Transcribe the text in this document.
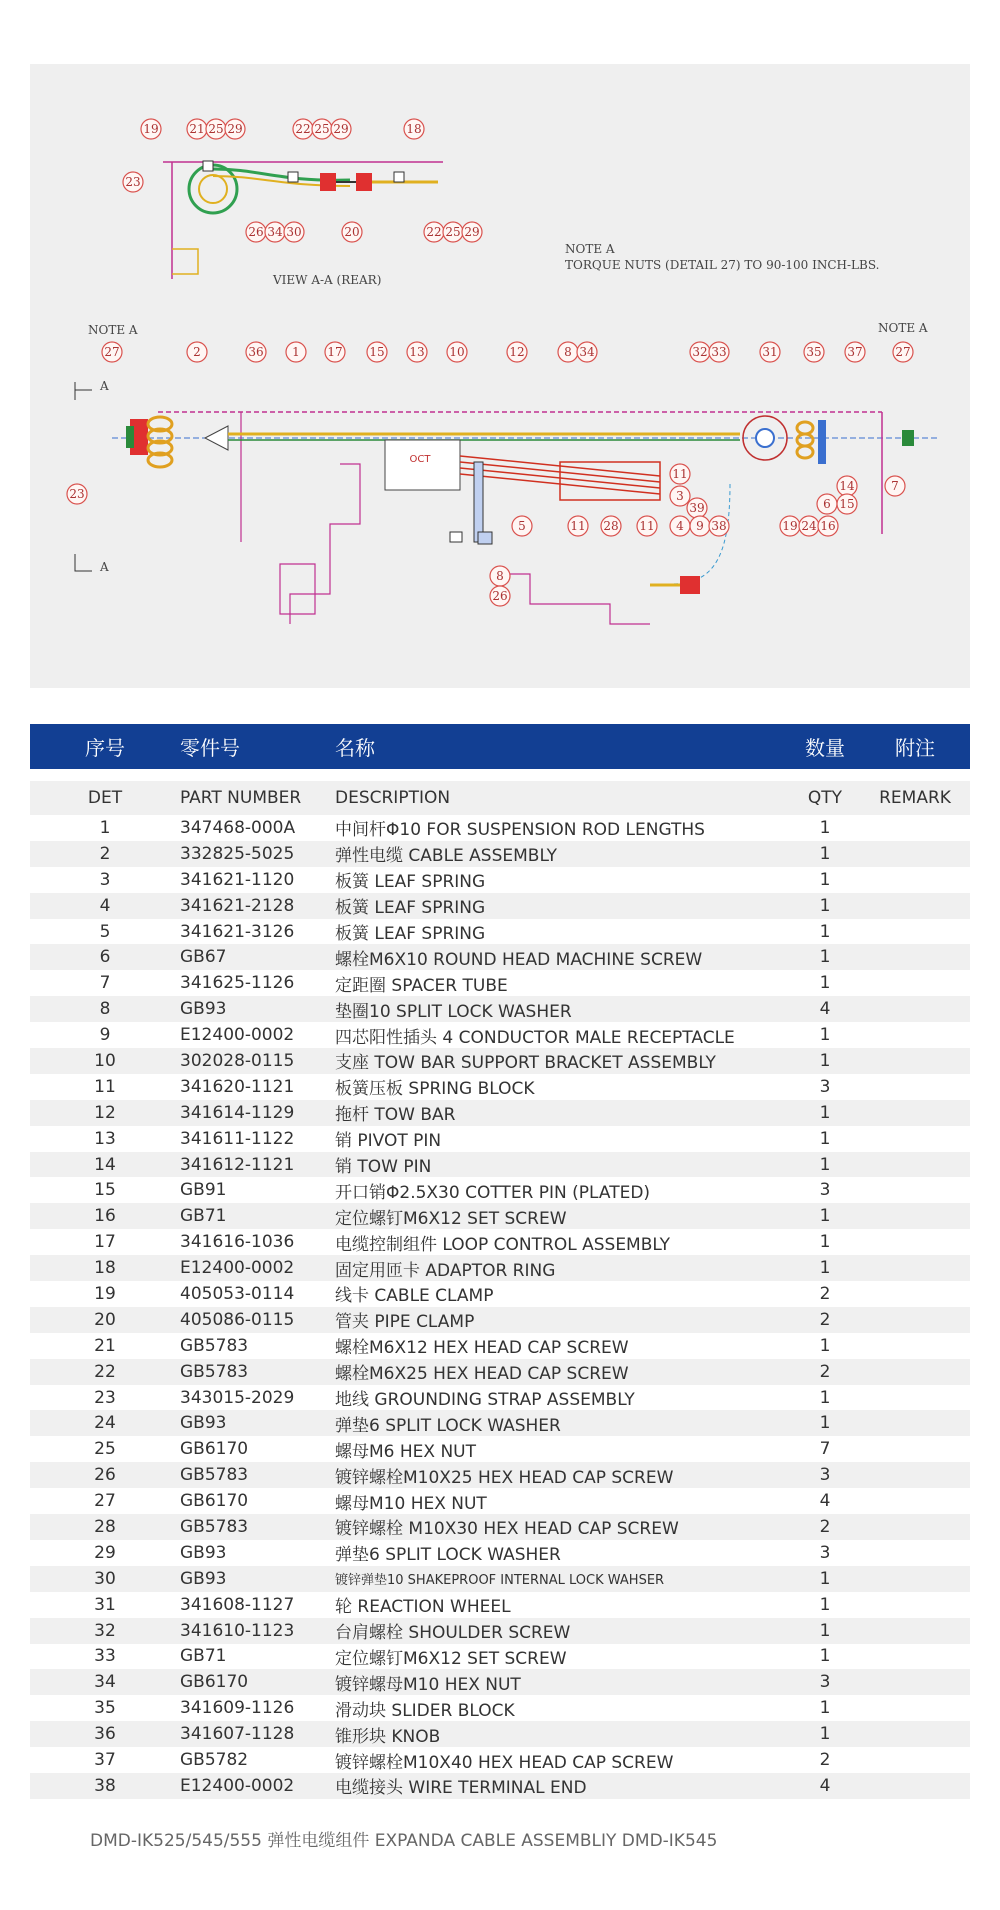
VIEW A-A (REAR)
NOTE A
TORQUE NUTS (DETAIL 27) TO 90-100 INCH-LBS.
NOTE A	NOTE A
A
A
OCT
19	21 25 29	22 25 29	18
23
26 34 30	20	22 25 29
27	2	36 1 17 15 13 10	12	8 34	32 33	31 35 37	27
23
11
3
39
14	7
6 15
5	11 28 11 4 9 38	19 24 16
8
26
序号	零件号	名称	数量	附注
DET	PART NUMBER	DESCRIPTION	QTY	REMARK
1	347468-000A	中间杆Φ10 FOR SUSPENSION ROD LENGTHS	1
2	332825-5025	弹性电缆 CABLE ASSEMBLY	1
3	341621-1120	板簧 LEAF SPRING	1
4	341621-2128	板簧 LEAF SPRING	1
5	341621-3126	板簧 LEAF SPRING	1
6	GB67	螺栓M6X10 ROUND HEAD MACHINE SCREW	1
7	341625-1126	定距圈 SPACER TUBE	1
8	GB93	垫圈10 SPLIT LOCK WASHER	4
9	E12400-0002	四芯阳性插头 4 CONDUCTOR MALE RECEPTACLE	1
10	302028-0115	支座 TOW BAR SUPPORT BRACKET ASSEMBLY	1
11	341620-1121	板簧压板 SPRING BLOCK	3
12	341614-1129	拖杆 TOW BAR	1
13	341611-1122	销 PIVOT PIN	1
14	341612-1121	销 TOW PIN	1
15	GB91	开口销Φ2.5X30 COTTER PIN (PLATED)	3
16	GB71	定位螺钉M6X12 SET SCREW	1
17	341616-1036	电缆控制组件 LOOP CONTROL ASSEMBLY	1
18	E12400-0002	固定用匝卡 ADAPTOR RING	1
19	405053-0114	线卡 CABLE CLAMP	2
20	405086-0115	管夹 PIPE CLAMP	2
21	GB5783	螺栓M6X12 HEX HEAD CAP SCREW	1
22	GB5783	螺栓M6X25 HEX HEAD CAP SCREW	2
23	343015-2029	地线 GROUNDING STRAP ASSEMBLY	1
24	GB93	弹垫6 SPLIT LOCK WASHER	1
25	GB6170	螺母M6 HEX NUT	7
26	GB5783	镀锌螺栓M10X25 HEX HEAD CAP SCREW	3
27	GB6170	螺母M10 HEX NUT	4
28	GB5783	镀锌螺栓 M10X30 HEX HEAD CAP SCREW	2
29	GB93	弹垫6 SPLIT LOCK WASHER	3
30	GB93	镀锌弹垫10 SHAKEPROOF INTERNAL LOCK WAHSER	1
31	341608-1127	轮 REACTION WHEEL	1
32	341610-1123	台肩螺栓 SHOULDER SCREW	1
33	GB71	定位螺钉M6X12 SET SCREW	1
34	GB6170	镀锌螺母M10 HEX NUT	3
35	341609-1126	滑动块 SLIDER BLOCK	1
36	341607-1128	锥形块 KNOB	1
37	GB5782	镀锌螺栓M10X40 HEX HEAD CAP SCREW	2
38	E12400-0002	电缆接头 WIRE TERMINAL END	4
DMD-IK525/545/555 弹性电缆组件 EXPANDA CABLE ASSEMBLIY DMD-IK545
